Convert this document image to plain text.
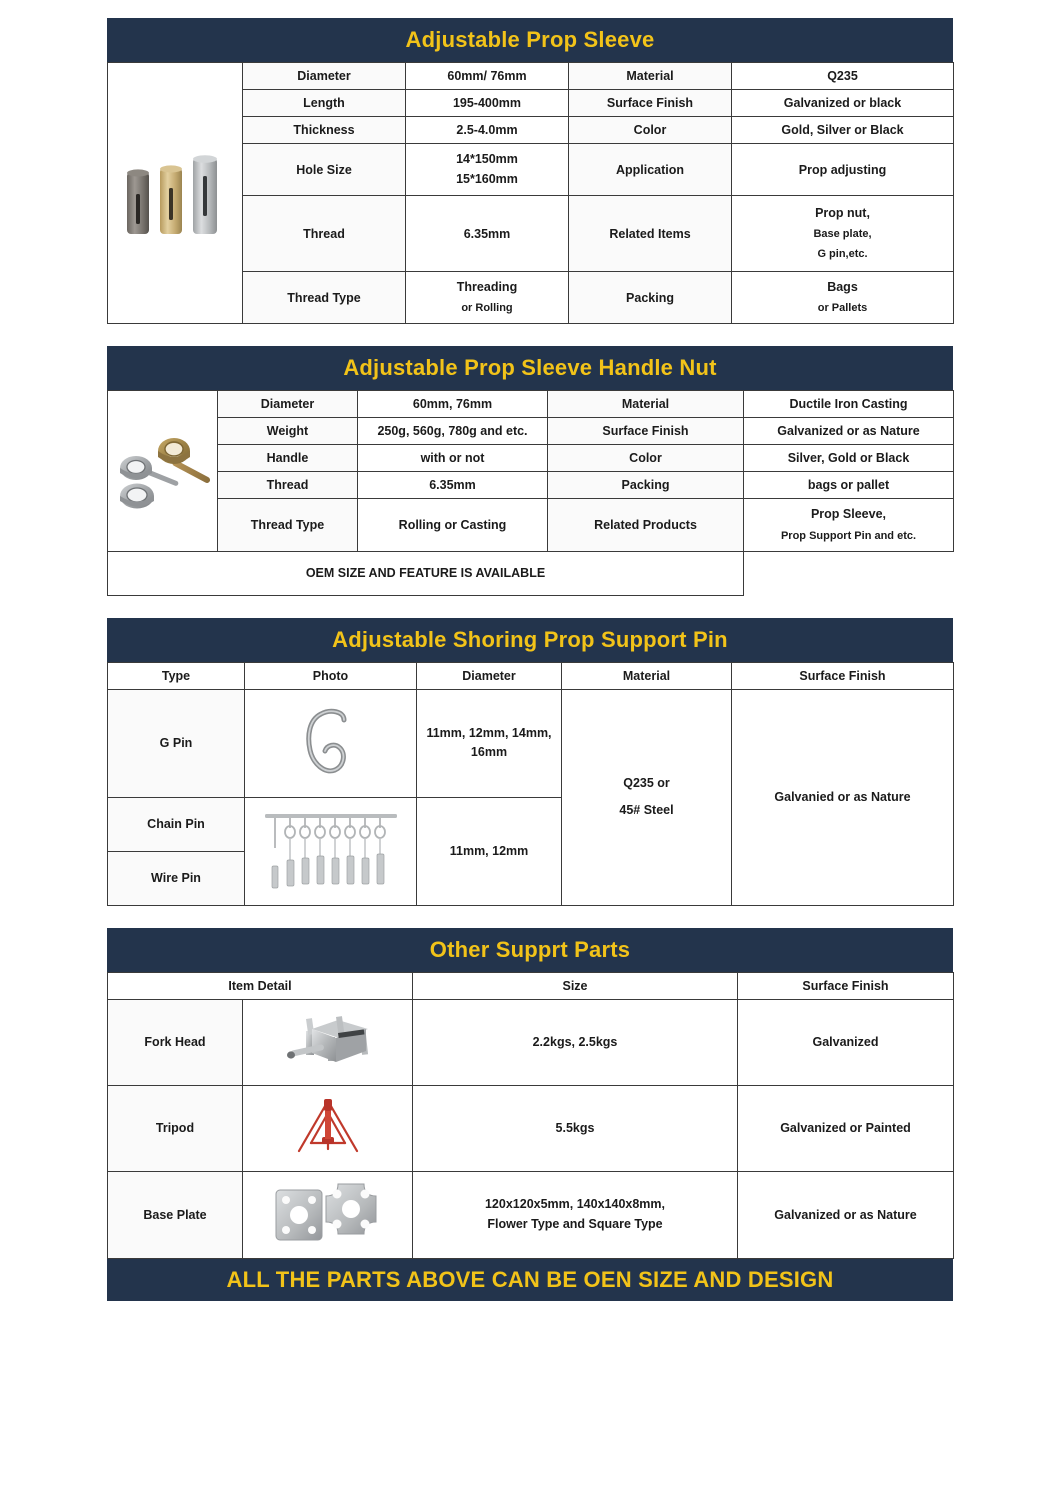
Adjustable Prop Sleeve
	Diameter	60mm/ 76mm	Material	Q235
	Length	195-400mm	Surface Finish	Galvanized or black
	Thickness	2.5-4.0mm	Color	Gold, Silver or Black
	Hole Size	14*150mm
15*160mm	Application	Prop adjusting
	Thread	6.35mm	Related Items	Prop nut,
Base plate,
G pin,etc.

	Thread Type	Threading
or Rolling	Packing	Bags
or Pallets
Adjustable Prop Sleeve Handle Nut
	Diameter	60mm, 76mm	Material	Ductile Iron Casting
	Weight	250g, 560g, 780g and etc.	Surface Finish	Galvanized or as Nature
	Handle	with or not	Color	Silver, Gold or Black
	Thread	6.35mm	Packing	bags or pallet
	Thread Type	Rolling or Casting	Related Products	Prop Sleeve,
Prop Support Pin and etc.

OEM SIZE AND FEATURE IS AVAILABLE				
Adjustable Shoring Prop Support Pin
Type	Photo	Diameter	Material	Surface Finish
G Pin		11mm, 12mm, 14mm,
16mm	Q235 or
45# Steel	Galvanied or as Nature
Chain Pin		11mm, 12mm		
Wire Pin				
Other Supprt Parts
Item Detail		Size	Surface Finish
Fork Head		2.2kgs, 2.5kgs	Galvanized
Tripod		5.5kgs	Galvanized or Painted
Base Plate		120x120x5mm, 140x140x8mm,
Flower Type and Square Type	Galvanized or as Nature
ALL THE PARTS ABOVE CAN BE OEN SIZE AND DESIGN
